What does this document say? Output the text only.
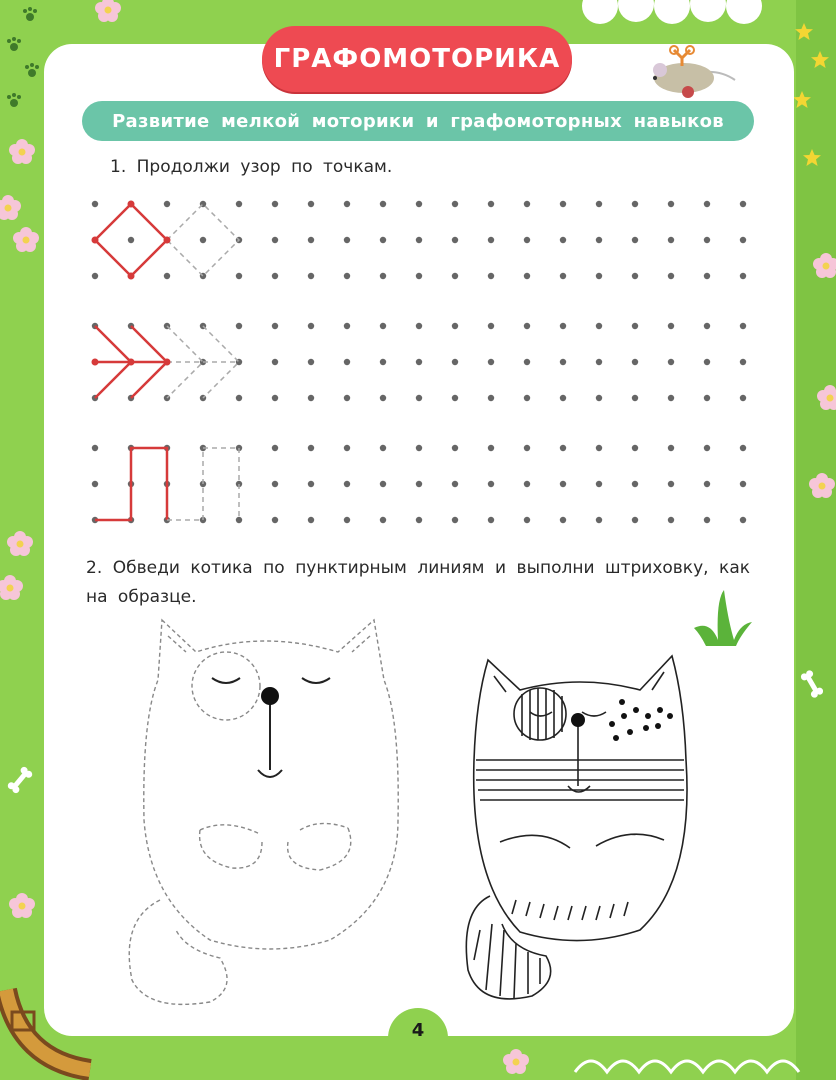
ГРАФОМОТОРИКА
Развитие мелкой моторики и графомоторных навыков
1. Продолжи узор по точкам.
2. Обведи котика по пунктирным линиям и выполни штриховку, как на образце.
4
